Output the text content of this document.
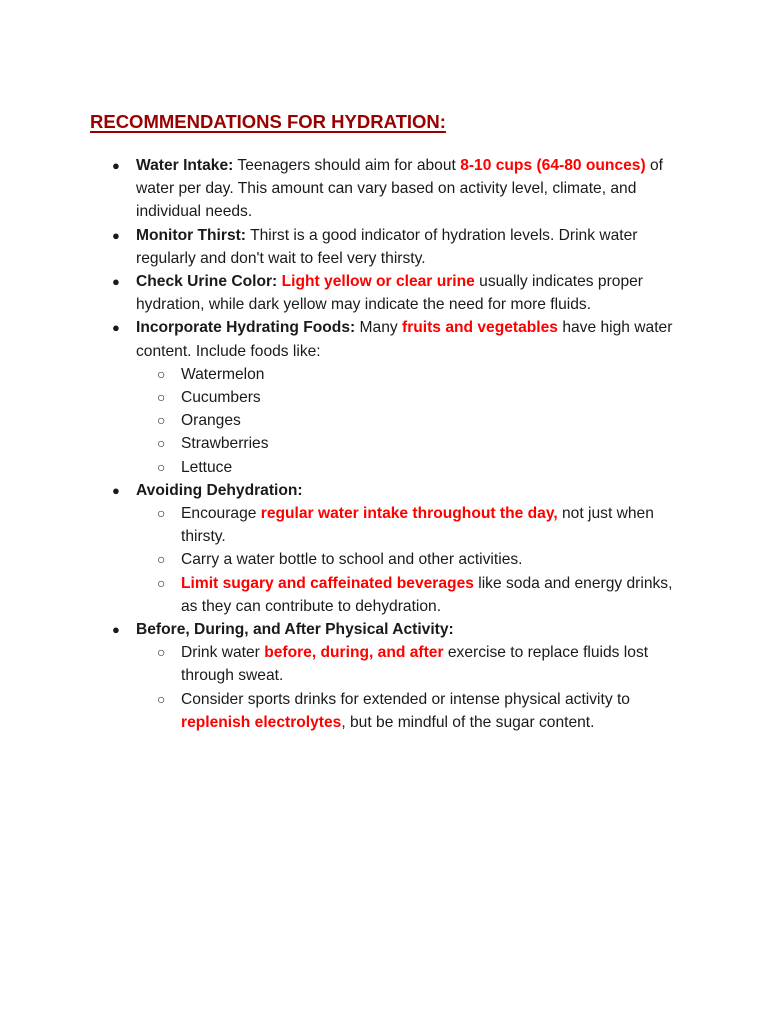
RECOMMENDATIONS FOR HYDRATION:
● Water Intake: Teenagers should aim for about 8-10 cups (64-80 ounces) of water per day. This amount can vary based on activity level, climate, and individual needs.
● Monitor Thirst: Thirst is a good indicator of hydration levels. Drink water regularly and don't wait to feel very thirsty.
● Check Urine Color: Light yellow or clear urine usually indicates proper hydration, while dark yellow may indicate the need for more fluids.
● Incorporate Hydrating Foods: Many fruits and vegetables have high water content. Include foods like:
○ Watermelon
○ Cucumbers
○ Oranges
○ Strawberries
○ Lettuce
● Avoiding Dehydration:
○ Encourage regular water intake throughout the day, not just when thirsty.
○ Carry a water bottle to school and other activities.
○ Limit sugary and caffeinated beverages like soda and energy drinks, as they can contribute to dehydration.
● Before, During, and After Physical Activity:
○ Drink water before, during, and after exercise to replace fluids lost through sweat.
○ Consider sports drinks for extended or intense physical activity to replenish electrolytes, but be mindful of the sugar content.
